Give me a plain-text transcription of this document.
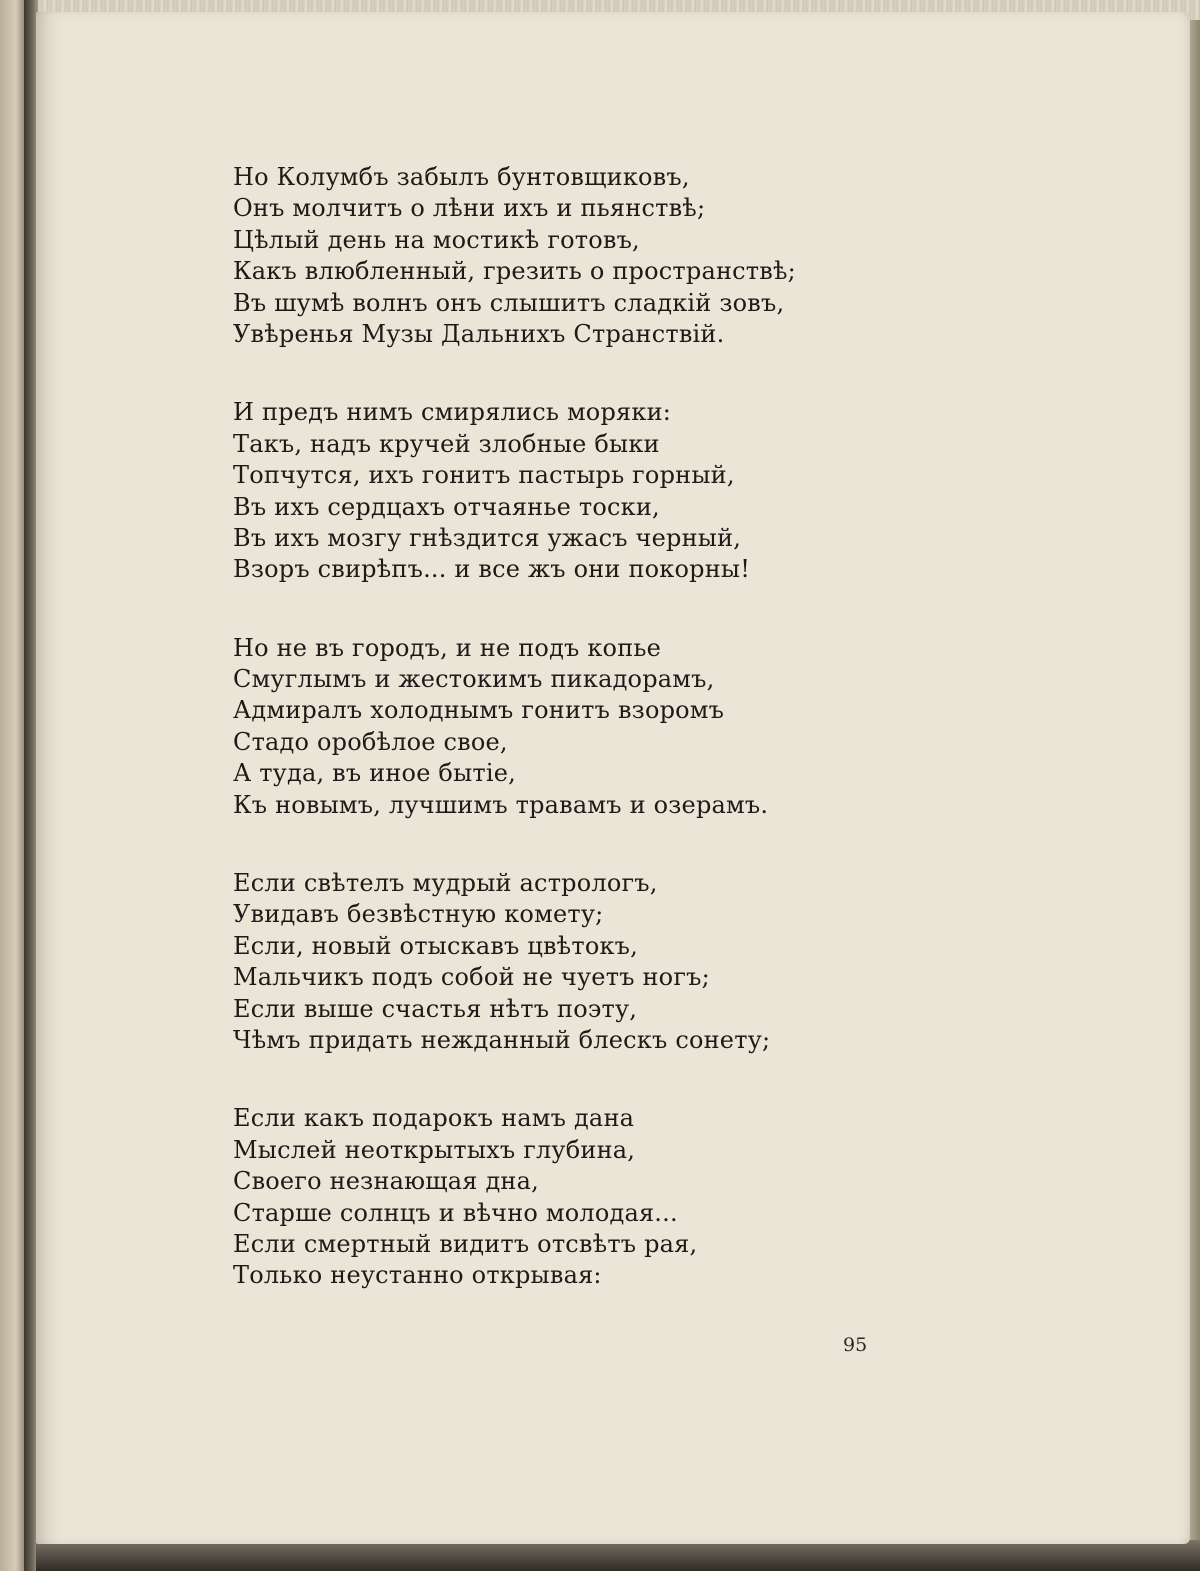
Но Колумбъ забылъ бунтовщиковъ,
Онъ молчитъ о лѣни ихъ и пьянствѣ;
Цѣлый день на мостикѣ готовъ,
Какъ влюбленный, грезить о пространствѣ;
Въ шумѣ волнъ онъ слышитъ сладкiй зовъ,
Увѣренья Музы Дальнихъ Странствiй.
И предъ нимъ смирялись моряки:
Такъ, надъ кручей злобные быки
Топчутся, ихъ гонитъ пастырь горный,
Въ ихъ сердцахъ отчаянье тоски,
Въ ихъ мозгу гнѣздится ужасъ черный,
Взоръ свирѣпъ... и все жъ они покорны!
Но не въ городъ, и не подъ копье
Смуглымъ и жестокимъ пикадорамъ,
Адмиралъ холоднымъ гонитъ взоромъ
Стадо оробѣлое свое,
А туда, въ иное бытiе,
Къ новымъ, лучшимъ травамъ и озерамъ.
Если свѣтелъ мудрый астрологъ,
Увидавъ безвѣстную комету;
Если, новый отыскавъ цвѣтокъ,
Мальчикъ подъ собой не чуетъ ногъ;
Если выше счастья нѣтъ поэту,
Чѣмъ придать нежданный блескъ сонету;
Если какъ подарокъ намъ дана
Мыслей неоткрытыхъ глубина,
Своего незнающая дна,
Старше солнцъ и вѣчно молодая...
Если смертный видитъ отсвѣтъ рая,
Только неустанно открывая:
95
